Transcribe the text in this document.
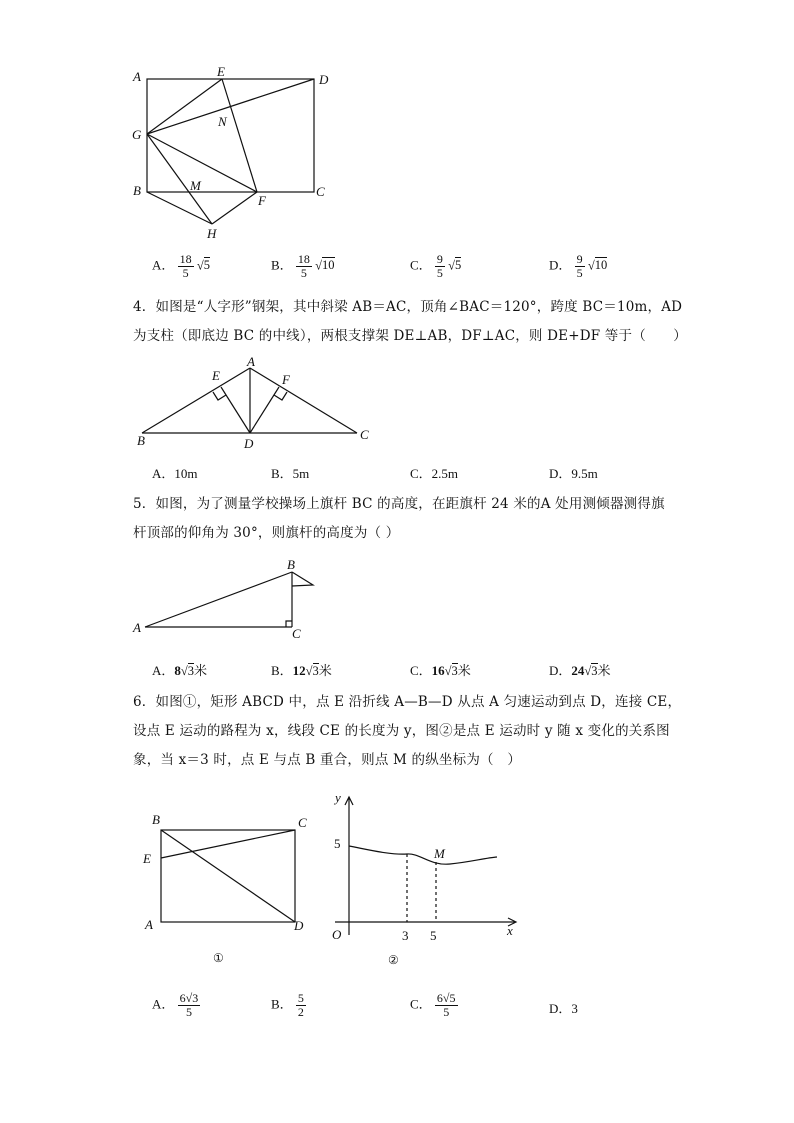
A	E
D
G
N
B	M
F
C
H
A． $\frac{18}{5} √5$	B． $\frac{18}{5} √10$	C． $\frac{9}{5} √5$	D． $\frac{9}{5} √10$
4．如图是“人字形”钢架，其中斜梁 AB＝AC，顶角∠BAC＝120°，跨度 BC＝10m，AD
为支柱（即底边 BC 的中线），两根支撑架 DE⊥AB，DF⊥AC，则 DE+DF 等于（　　）
A
E	F
B	D
C
A．10m	B．5m	C．2.5m	D．9.5m
5．如图，为了测量学校操场上旗杆 BC 的高度，在距旗杆 24 米的A 处用测倾器测得旗
杆顶部的仰角为 30°，则旗杆的高度为（ ）
A
B
C
A．8√3米	B．12√3米	C．16√3米	D．24√3米
6．如图①，矩形 ABCD 中，点 E 沿折线 A—B—D 从点 A 匀速运动到点 D，连接 CE，
设点 E 运动的路程为 x，线段 CE 的长度为 y，图②是点 E 运动时 y 随 x 变化的关系图
象，当 x＝3 时，点 E 与点 B 重合，则点 M 的纵坐标为（　）
B	C
E
A	D
①
y
x
O
5
3 5
M
②
A． $\frac{6√3}{5}$	B． $\frac{5}{2}$	C． $\frac{6√5}{5}$	D．3
